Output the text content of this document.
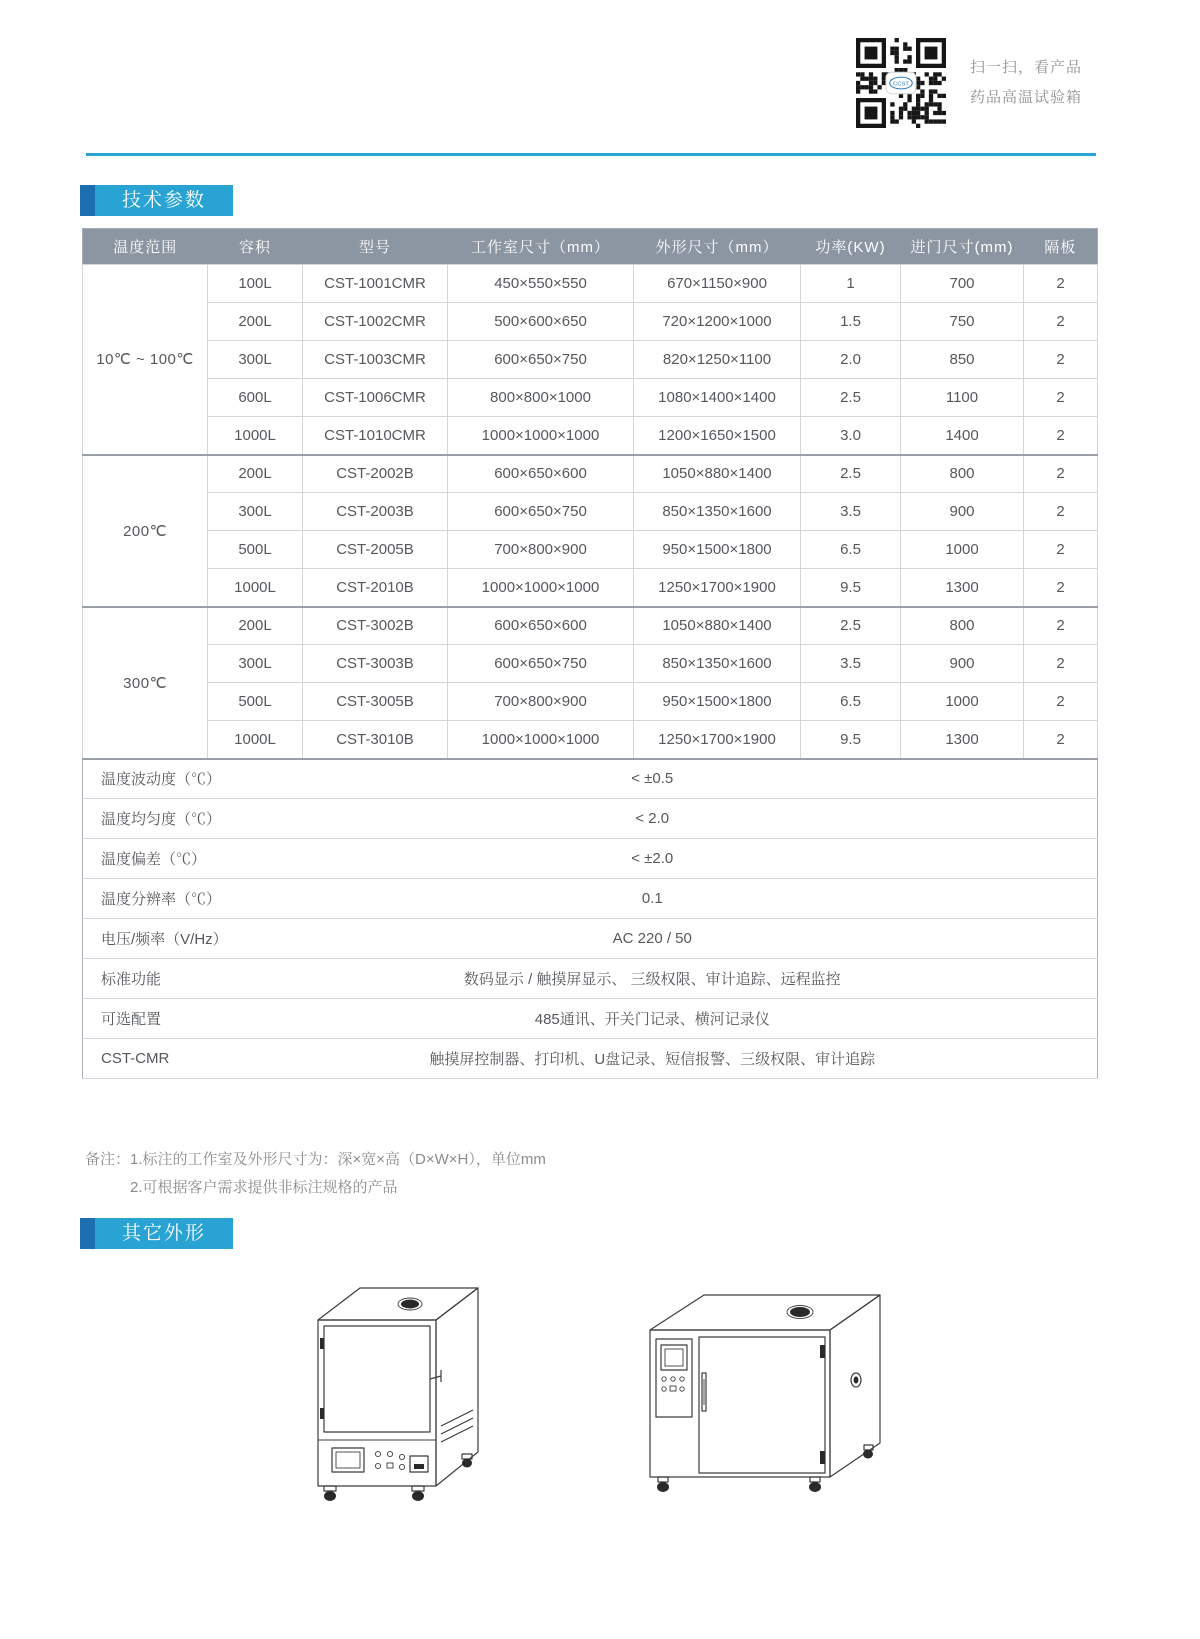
CCST
扫一扫，看产品
药品高温试验箱
技术参数
温度范围	容积	型号	工作室尺寸（mm）	外形尺寸（mm）	功率(KW)	进门尺寸(mm)	隔板
10℃ ~ 100℃	100L	CST-1001CMR	450×550×550	670×1150×900	1	700	2
	200L	CST-1002CMR	500×600×650	720×1200×1000	1.5	750	2
	300L	CST-1003CMR	600×650×750	820×1250×1100	2.0	850	2
	600L	CST-1006CMR	800×800×1000	1080×1400×1400	2.5	1100	2
	1000L	CST-1010CMR	1000×1000×1000	1200×1650×1500	3.0	1400	2
200℃	200L	CST-2002B	600×650×600	1050×880×1400	2.5	800	2
	300L	CST-2003B	600×650×750	850×1350×1600	3.5	900	2
	500L	CST-2005B	700×800×900	950×1500×1800	6.5	1000	2
	1000L	CST-2010B	1000×1000×1000	1250×1700×1900	9.5	1300	2
300℃	200L	CST-3002B	600×650×600	1050×880×1400	2.5	800	2
	300L	CST-3003B	600×650×750	850×1350×1600	3.5	900	2
	500L	CST-3005B	700×800×900	950×1500×1800	6.5	1000	2
	1000L	CST-3010B	1000×1000×1000	1250×1700×1900	9.5	1300	2
温度波动度（℃）	< ±0.5						
温度均匀度（℃）	< 2.0						
温度偏差（℃）	< ±2.0						
温度分辨率（℃）	0.1						
电压/频率（V/Hz）	AC 220 / 50						
标准功能	数码显示 / 触摸屏显示、 三级权限、审计追踪、远程监控						
可选配置	485通讯、开关门记录、横河记录仪						
CST-CMR	触摸屏控制器、打印机、U盘记录、短信报警、三级权限、审计追踪						
备注： 1.标注的工作室及外形尺寸为：深×宽×高（D×W×H），单位mm
2.可根据客户需求提供非标注规格的产品
其它外形
